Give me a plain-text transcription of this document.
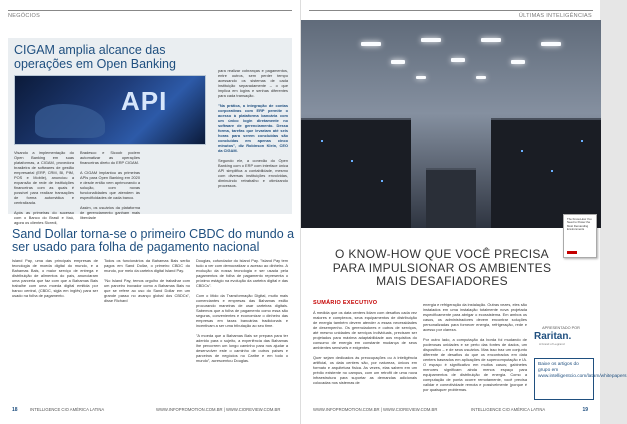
NEGÓCIOS
CIGAM amplia alcance das operações em Open Banking
API
Visando a implementação do Open Banking em suas plataformas, a CIGAM, provedora brasileira de softwares de gestão empresarial (ERP, CRM, BI, PIM, POS e Mobile), anunciou a expansão de rede de instituições financeiras com as quais é possível para realizar transações de forma automática e centralizada.

Após as primeiras do sucesso com o Banco do Brasil e Itaú, agora os clientes Sicredi,
Bradesco e Sicoob podem automatizar as operações financeiras direto do ERP CIGAM.

A CIGAM implantou as primeiras APIs para Open Banking em 2020 e desde então vem aprimorando a solução, com novas funcionalidades que atendem às especificidades de cada banco.

Assim, os usuários da plataforma de gerenciamento ganham mais liberdade
para realizar cobranças e pagamentos, entre outros, sem perder tempo acessando os sistemas de cada instituição separadamente – o que implica em logins e senhas diferentes para cada transação.

"Na prática, a integração de contas corporativas com ERP permite o acesso à plataforma bancária com um único login diretamente no software de gerenciamento. Dessa forma, tarefas que levariam até seis horas para serem concluídas são concluídas em apenas cinco minutos", diz Robinson Klein, CEO da CIGAM.

Segundo ele, a conexão do Open Banking com o ERP com interface única API simplifica a contabilidade, mesmo com diversas instituições envolvidas, diminuindo retrabalho e otimizando processos.
Sand Dollar torna-se o primeiro CBDC do mundo a ser usado para folha de pagamento nacional
Island Pay, uma das principais empresas de tecnologia de moeda digital do mundo, e a Bahamas Bais, o maior serviço de entrega e distribuição de alimentos do país, anunciaram uma parceria que faz com que a Bahamas Bais trabalhe com uma moeda digital emitida por banco central, (CBDC, sigla em inglês) para ser usado na folha de pagamento.
Todos os funcionários da Bahamas Bais serão pagos em Sand Dollar, o primeiro CBDC do mundo, por meio da carteira digital Island Pay.

"No Island Pay, temos orgulho de trabalhar com um parceiro inovador como a Bahamas Bais no que se refere ao uso do Sand Dollar em um grande passo no avanço global dos CBDCs", disse Richard
Douglas, cofundador do Island Pay. "Island Pay tem tudo a ver com democratizar o acesso ao dinheiro. A evolução da nossa tecnologia e ser usada pela pagamentos de folha de pagamento representa o próximo estágio na evolução da carteira digital e das CBDCs".

Com o lítido da Transformação Digital, muito mais comerciantes e empresas das Bahamas estão procurando maneiras de usar carteiras digitais. Sabemos que a folha de pagamento como essa são seguras, convenientes e economizar o dinheiro das empresas em taxas bancárias tradicionais e incentivam a ser uma tributação ao seu time.

"A moeda que a Bahamas Bais se prepara para ter aderido para o sujeito, a experiência das Bahamas lhe percorrem um longo caminho para nos ajudar a desenvolver este o caminho de outros países e parceiros de negócios no Caribe e em todo o mundo", acrescentou Douglas.
18	INTELLIGENCE CIO AMÉRICA LATINA	WWW.INFOPROMOTION.COM.BR | WWW.CIOREVIEW.COM.BR
ÚLTIMAS INTELIGÊNCIAS
The Know-How You Need to Power the Most Demanding Environments
O KNOW-HOW QUE VOCÊ PRECISA PARA IMPULSIONAR OS AMBIENTES MAIS DESAFIADORES
SUMÁRIO EXECUTIVO
À medida que os data centers lidam com desafios cada vez maiores e complexos, seus equipamentos de distribuição de energia também devem atender a essas necessidades de desempenho. Os gerenciadores e outros de serviços, até mesmo unidades de serviços individuais, precisam ser projetados para máxima adaptabilidade aos requisitos do consumo de energia em constante mudança de seus ambientes sensíveis e exigentes.

Quer sejam dedicados às preocupações ou à inteligência artificial, os data centers são, por natureza, únicos em formato e arquitetura física. As vezes, elas sabem em um prédio existente no campus, com um retrofit de uma nova infraestrutura para suportar as demandas adicionais colocadas nos sistemas de
energia e refrigeração da instalação. Outras vezes, eles são instalados em uma instalação totalmente nova projetada especificamente para abrigar o ecossistema. Em ambos os casos, os administradores devem encontrar soluções personalizadas para fornecer energia, refrigeração, rede e acesso por clareza.

Por outro lado, a computação da borda foi mudando de poderosas unidades e se perto das fontes de dados, um dispositivo – e de seus usuários. Mas isso traz um conjunto diferente de desafios do que os encontrados em data centers baseados em aplicações de supercomputação e IA. O espaço é significativo em muitos casos; gabinetes menores significam ainda menos espaço para equipamentos de distribuição de energia. Como a computação de ponta ocorre remotamente, você precisa validar e conectividade remota e possivelmente (porque é por quaisquer problemas.
APRESENTADO POR
Raritan.
A brand of Legrand
Baixe os artigos do grupo em www.intelligentcio.com/latam/whitepapers
WWW.INFOPROMOTION.COM.BR | WWW.CIOREVIEW.COM.BR	INTELLIGENCE CIO AMÉRICA LATINA	19
